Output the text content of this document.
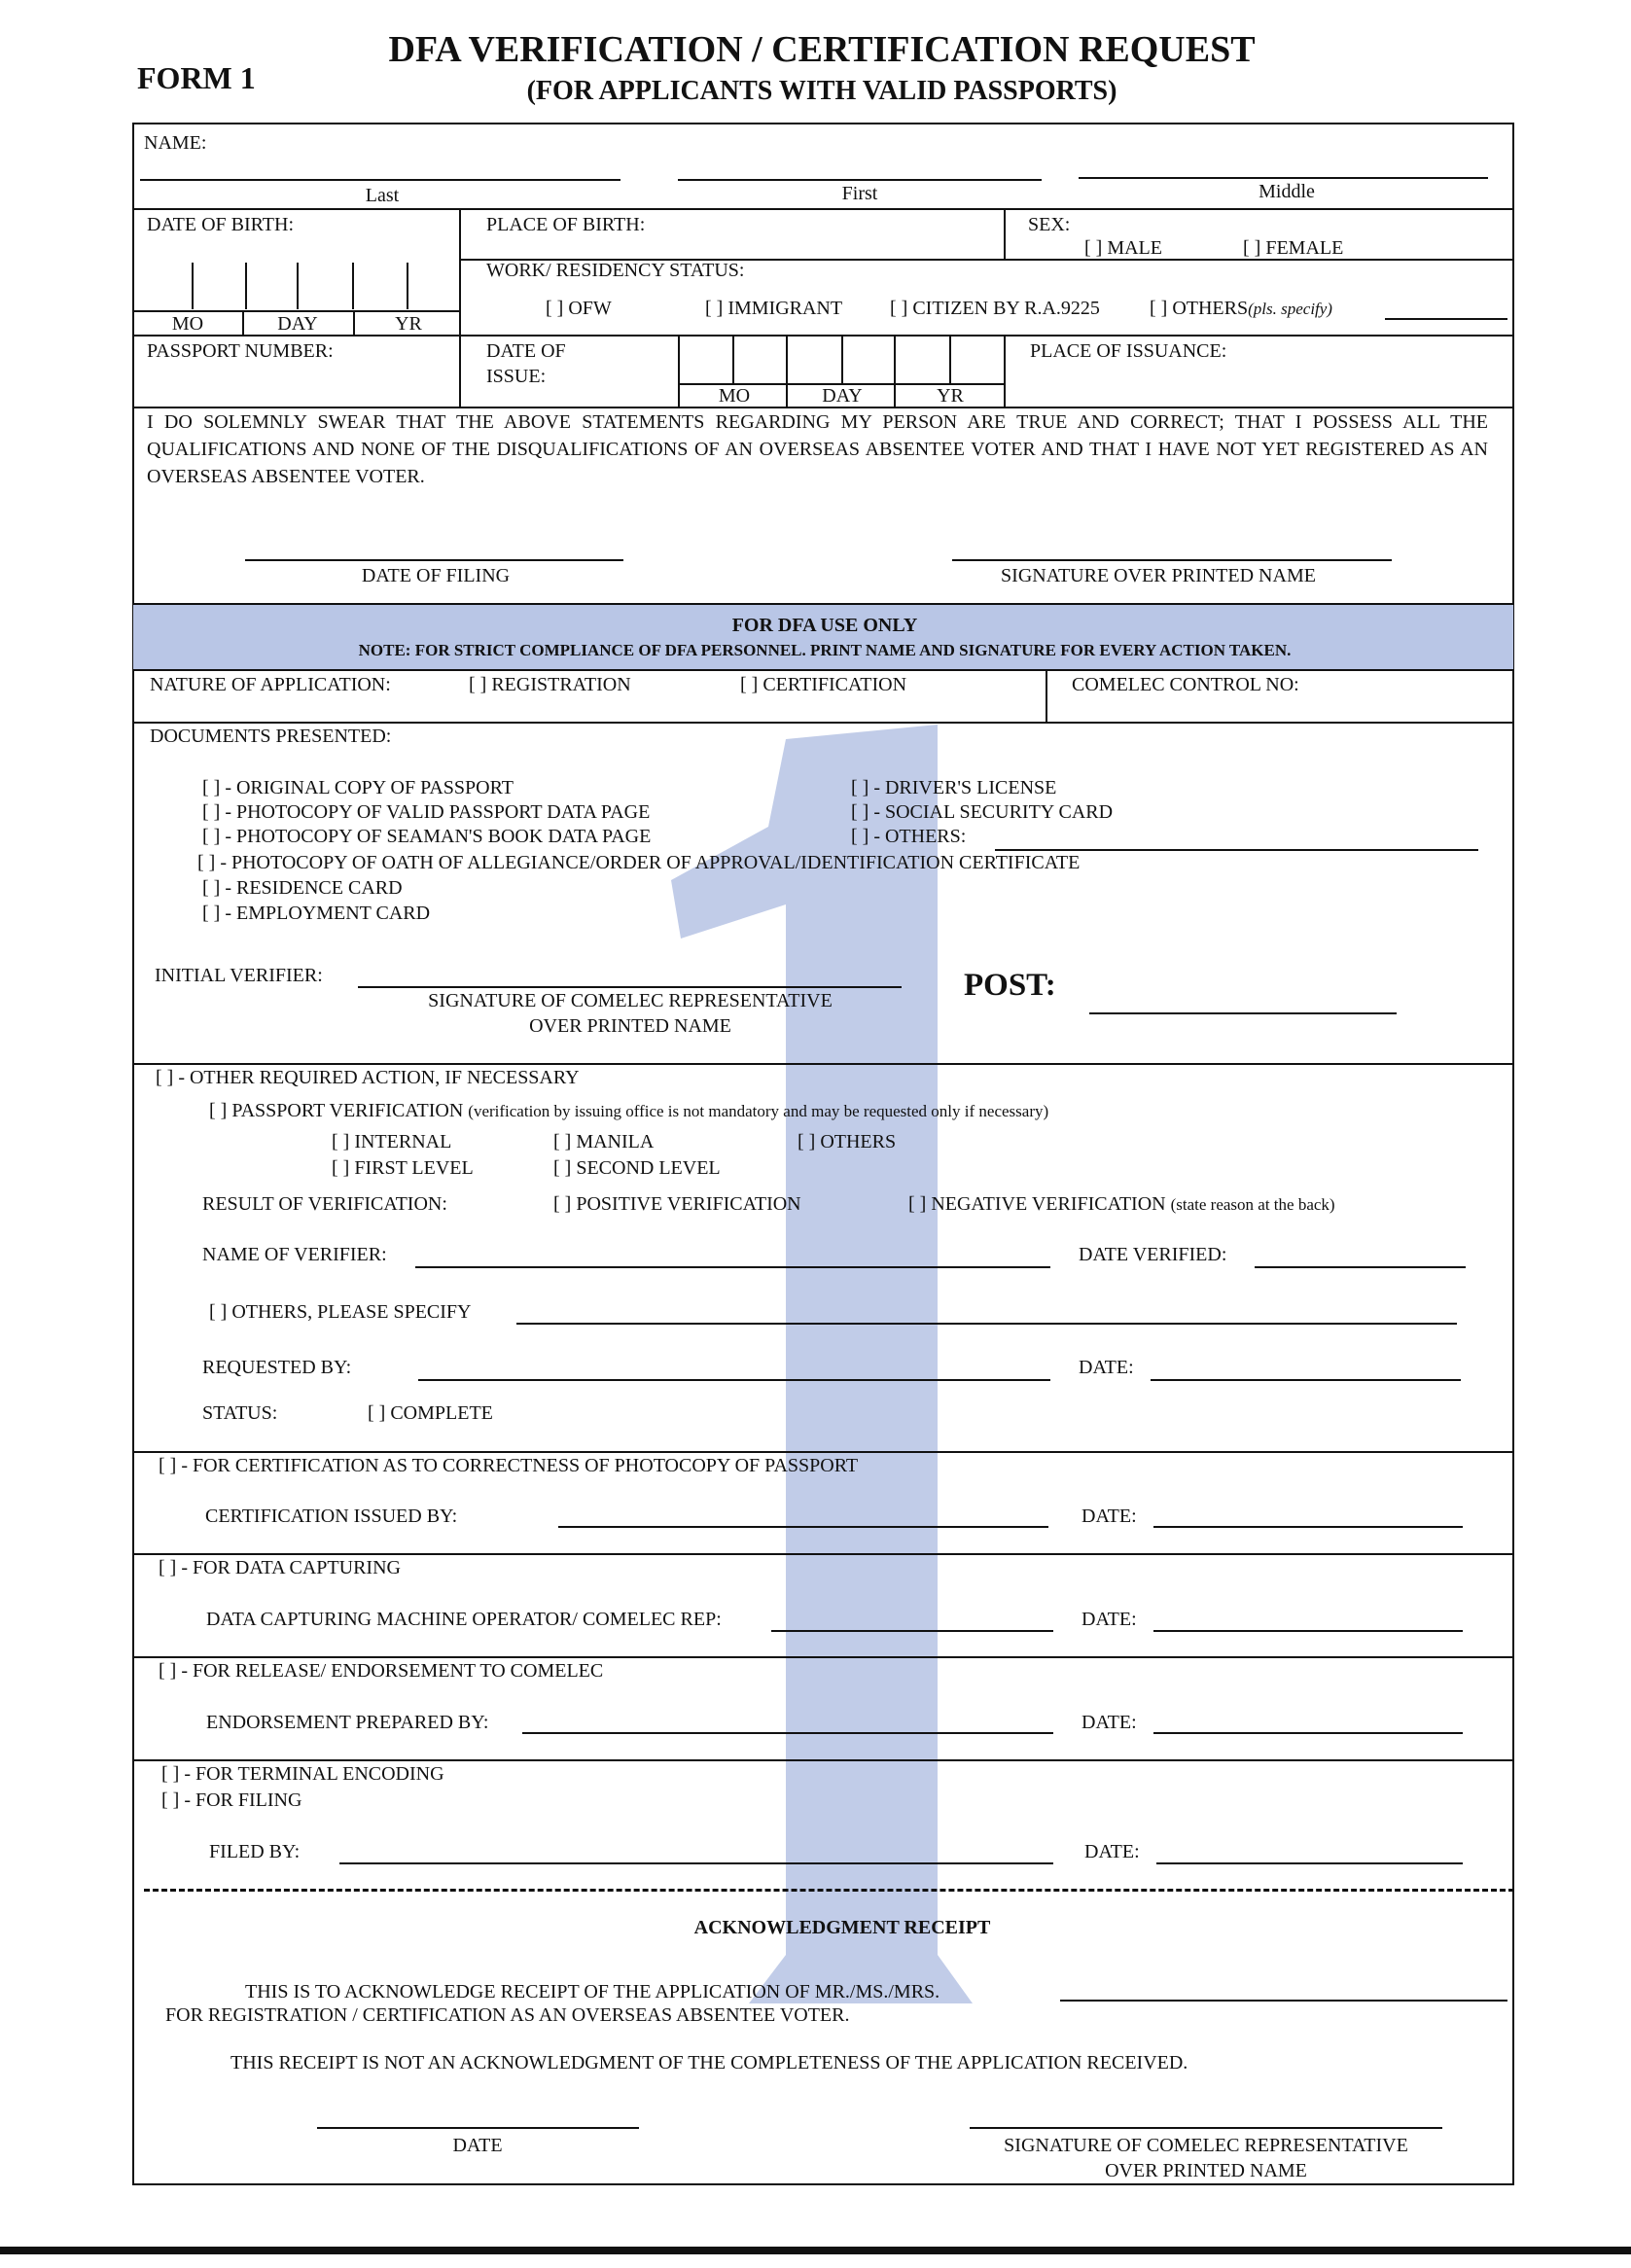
FORM 1
DFA VERIFICATION / CERTIFICATION REQUEST
(FOR APPLICANTS WITH VALID PASSPORTS)
NAME:
Last	First	Middle
DATE OF BIRTH:	PLACE OF BIRTH:	SEX:
[ ] MALE	[ ] FEMALE
MO	DAY	YR
WORK/ RESIDENCY STATUS:
[ ] OFW	[ ] IMMIGRANT [ ] CITIZEN BY R.A.9225	[ ] OTHERS(pls. specify)
PASSPORT NUMBER:	DATE OF
ISSUE:
MO	DAY	YR
PLACE OF ISSUANCE:
I DO SOLEMNLY SWEAR THAT THE ABOVE STATEMENTS REGARDING MY PERSON ARE TRUE AND CORRECT; THAT I POSSESS ALL THE QUALIFICATIONS AND NONE OF THE DISQUALIFICATIONS OF AN OVERSEAS ABSENTEE VOTER AND THAT I HAVE NOT YET REGISTERED AS AN OVERSEAS ABSENTEE VOTER.
DATE OF FILING	SIGNATURE OVER PRINTED NAME
FOR DFA USE ONLY
NOTE: FOR STRICT COMPLIANCE OF DFA PERSONNEL. PRINT NAME AND SIGNATURE FOR EVERY ACTION TAKEN.
NATURE OF APPLICATION:	[ ] REGISTRATION	[ ] CERTIFICATION	COMELEC CONTROL NO:
DOCUMENTS PRESENTED:
[ ] - ORIGINAL COPY OF PASSPORT
[ ] - PHOTOCOPY OF VALID PASSPORT DATA PAGE
[ ] - PHOTOCOPY OF SEAMAN'S BOOK DATA PAGE
[ ] - PHOTOCOPY OF OATH OF ALLEGIANCE/ORDER OF APPROVAL/IDENTIFICATION CERTIFICATE
[ ] - RESIDENCE CARD
[ ] - EMPLOYMENT CARD
[ ] - DRIVER'S LICENSE
[ ] - SOCIAL SECURITY CARD
[ ] - OTHERS:
INITIAL VERIFIER:
SIGNATURE OF COMELEC REPRESENTATIVE
OVER PRINTED NAME
POST:
[ ] - OTHER REQUIRED ACTION, IF NECESSARY
[ ] PASSPORT VERIFICATION (verification by issuing office is not mandatory and may be requested only if necessary)
[ ] INTERNAL	[ ] MANILA	[ ] OTHERS
[ ] FIRST LEVEL	[ ] SECOND LEVEL
RESULT OF VERIFICATION:	[ ] POSITIVE VERIFICATION	[ ] NEGATIVE VERIFICATION (state reason at the back)
NAME OF VERIFIER:	DATE VERIFIED:
[ ] OTHERS, PLEASE SPECIFY
REQUESTED BY:	DATE:
STATUS:	[ ] COMPLETE
[ ] - FOR CERTIFICATION AS TO CORRECTNESS OF PHOTOCOPY OF PASSPORT
CERTIFICATION ISSUED BY:	DATE:
[ ] - FOR DATA CAPTURING
DATA CAPTURING MACHINE OPERATOR/ COMELEC REP:	DATE:
[ ] - FOR RELEASE/ ENDORSEMENT TO COMELEC
ENDORSEMENT PREPARED BY:	DATE:
[ ] - FOR TERMINAL ENCODING
[ ] - FOR FILING
FILED BY:	DATE:
ACKNOWLEDGMENT RECEIPT
THIS IS TO ACKNOWLEDGE RECEIPT OF THE APPLICATION OF MR./MS./MRS.
FOR REGISTRATION / CERTIFICATION AS AN OVERSEAS ABSENTEE VOTER.
THIS RECEIPT IS NOT AN ACKNOWLEDGMENT OF THE COMPLETENESS OF THE APPLICATION RECEIVED.
DATE	SIGNATURE OF COMELEC REPRESENTATIVE
OVER PRINTED NAME
